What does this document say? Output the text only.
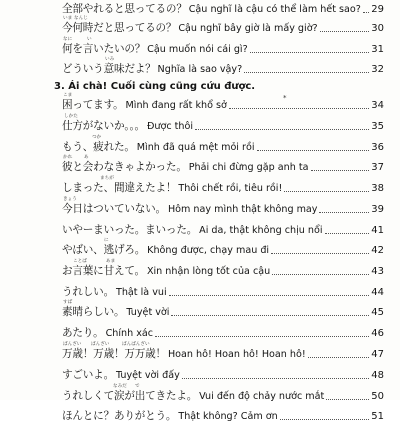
3. Ái chà! Cuối cùng cũng cứu được.
*
全部やれると思ってるの？ Cậu nghĩ là cậu có thể làm hết sao? 29
今何時だと思ってるの？
いま なんじ
Cậu nghĩ bây giờ là mấy giờ?	30
何を言いたいの？
なに	い
Cậu muốn nói cái gì?	31
どういう意味だよ？
いみ
Nghĩa là sao vậy?	32
困ってます。
こま
Mình đang rất khổ sở	34
仕方がないか。。。
しかた
Được thôi	35
もう、疲れた。
つか
Mình đã quá mệt mỏi rồi	36
彼と会わなきゃよかった。
かれ	あ
Phải chi đừng gặp anh ta	37
しまった、間違えたよ！
まちが
Thôi chết rồi, tiêu rồi!	38
今日はついていない。
きょう
Hôm nay mình thật không may	39
いやーまいった。まいった。 Ai da, thật không chịu nổi	41
やばい、逃げろ。
に
Không được, chạy mau đi	42
お言葉に甘えて。
ことば	あま
Xin nhận lòng tốt của cậu	43
うれしい。 Thật là vui	44
素晴らしい。
すば
Tuyệt vời	45
あたり。 Chính xác	46
万歳！万歳！万万歳！
ばんざい ばんざい	ばんばんざい
Hoan hô! Hoan hô! Hoan hô!	47
すごいよ。 Tuyệt vời đấy	48
うれしくて涙が出てきたよ。
なみだ で
Vui đến độ chảy nước mắt	50
ほんとに？ありがとう。 Thật không? Cảm ơn	51
